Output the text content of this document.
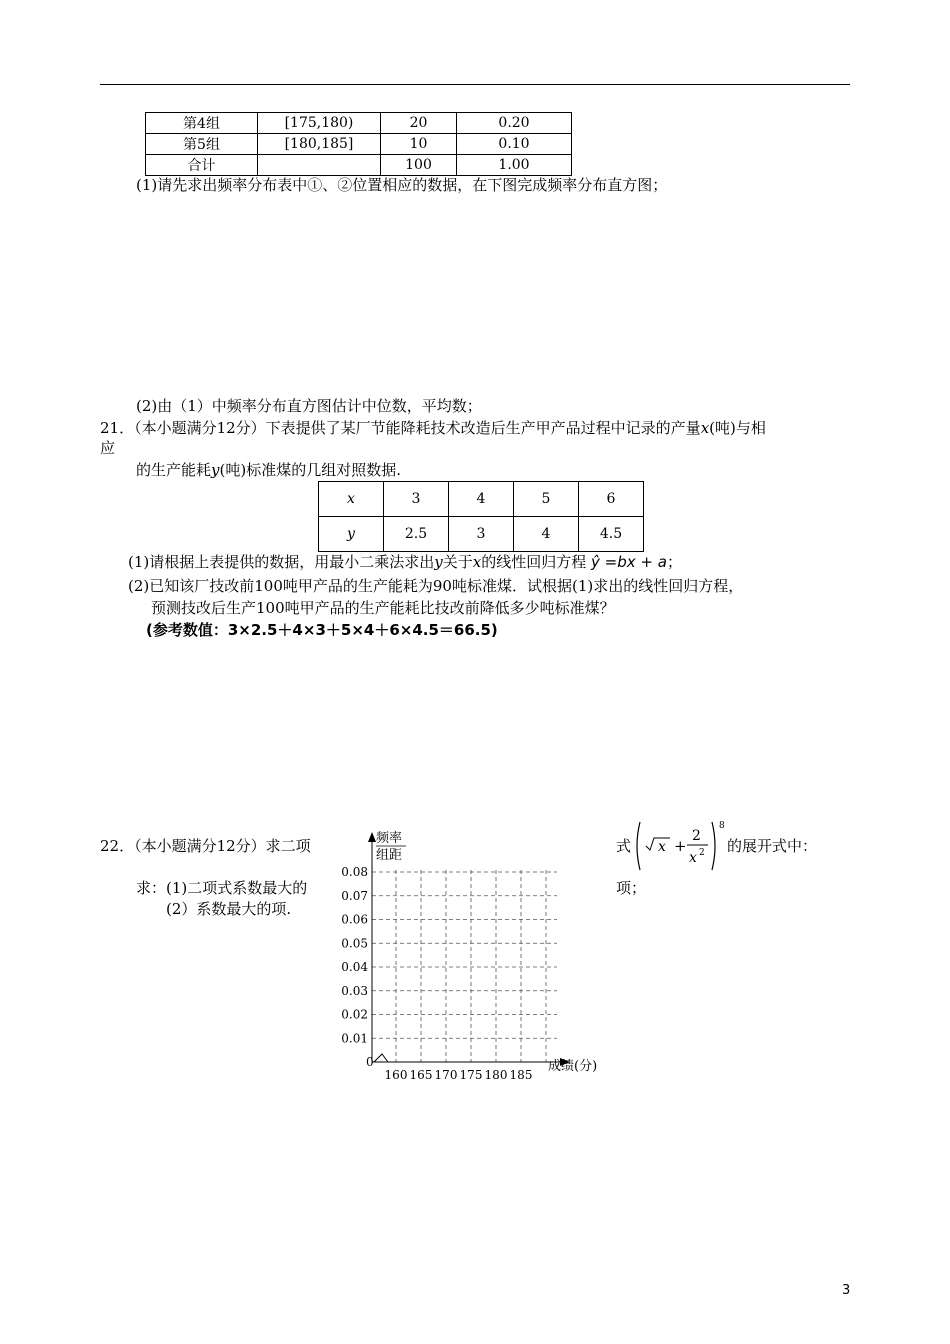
第4组	[175,180)	20	0.20
第5组	[180,185]	10	0.10
合计		100	1.00
(1)请先求出频率分布表中①、②位置相应的数据，在下图完成频率分布直方图；
(2)由（1）中频率分布直方图估计中位数，平均数；
21．（本小题满分12分）下表提供了某厂节能降耗技术改造后生产甲产品过程中记录的产量x(吨)与相
应
的生产能耗y(吨)标准煤的几组对照数据.
x	3	4	5	6
y	2.5	3	4	4.5
(1)请根据上表提供的数据，用最小二乘法求出y关于x的线性回归方程 ŷ =bx + a；
(2)已知该厂技改前100吨甲产品的生产能耗为90吨标准煤．试根据(1)求出的线性回归方程，
预测技改后生产100吨甲产品的生产能耗比技改前降低多少吨标准煤？
(参考数值：3×2.5＋4×3＋5×4＋6×4.5＝66.5)
22．（本小题满分12分）求二项
求：(1)二项式系数最大的
(2）系数最大的项.
式 x +
2
x 2
8
的展开式中：
项；
频率
组距
0	成绩(分)
0.08
0.07
0.06
0.05
0.04
0.03
0.02
0.01
160 165 170 175 180 185
3
